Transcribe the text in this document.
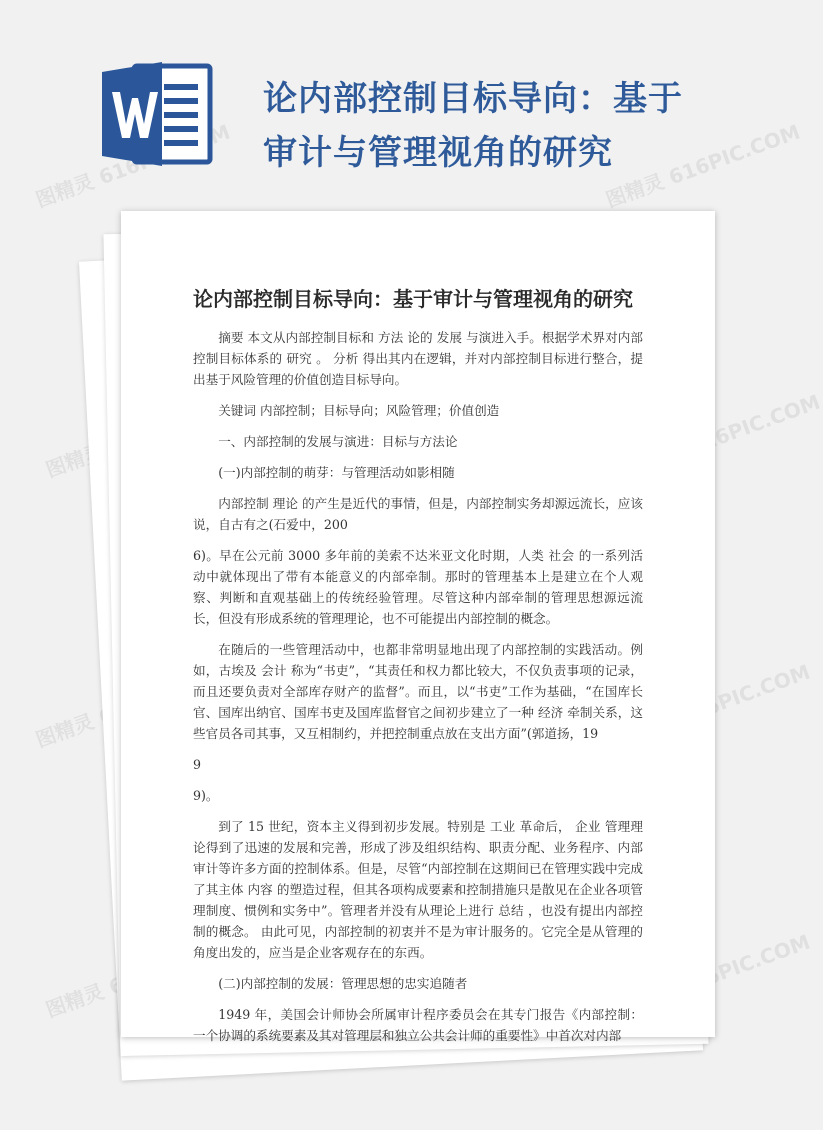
图精灵 616PIC.COM	图精灵 616PIC.COM
图精灵	图精灵 616PIC.COM
图精灵
616PIC.COM
图精灵
616PIC.COM
论内部控制目标导向：基于审计与管理视角的研究
论内部控制目标导向：基于审计与管理视角的研究

摘要 本文从内部控制目标和 方法 论的 发展 与演进入手。根据学术界对内部控制目标体系的 研究 。 分析 得出其内在逻辑，并对内部控制目标进行整合，提出基于风险管理的价值创造目标导向。

关键词 内部控制；目标导向；风险管理；价值创造

一、内部控制的发展与演进：目标与方法论

(一)内部控制的萌芽：与管理活动如影相随

内部控制 理论 的产生是近代的事情，但是，内部控制实务却源远流长，应该说，自古有之(石爱中，200

6)。早在公元前 3000 多年前的美索不达米亚文化时期，人类 社会 的一系列活动中就体现出了带有本能意义的内部牵制。那时的管理基本上是建立在个人观察、判断和直观基础上的传统经验管理。尽管这种内部牵制的管理思想源远流长，但没有形成系统的管理理论，也不可能提出内部控制的概念。

在随后的一些管理活动中，也都非常明显地出现了内部控制的实践活动。例如，古埃及 会计 称为“书吏”，“其责任和权力都比较大，不仅负责事项的记录，而且还要负责对全部库存财产的监督”。而且，以“书吏”工作为基础，“在国库长官、国库出纳官、国库书吏及国库监督官之间初步建立了一种 经济 牵制关系，这些官员各司其事，又互相制约，并把控制重点放在支出方面”(郭道扬，19

9

9)。

到了 15 世纪，资本主义得到初步发展。特别是 工业 革命后， 企业 管理理论得到了迅速的发展和完善，形成了涉及组织结构、职责分配、业务程序、内部审计等许多方面的控制体系。但是，尽管“内部控制在这期间已在管理实践中完成了其主体 内容 的塑造过程，但其各项构成要素和控制措施只是散见在企业各项管理制度、惯例和实务中”。管理者并没有从理论上进行 总结 ，也没有提出内部控制的概念。 由此可见，内部控制的初衷并不是为审计服务的。它完全是从管理的角度出发的，应当是企业客观存在的东西。

(二)内部控制的发展：管理思想的忠实追随者

1949 年，美国会计师协会所属审计程序委员会在其专门报告《内部控制：一个协调的系统要素及其对管理层和独立公共会计师的重要性》中首次对内部
